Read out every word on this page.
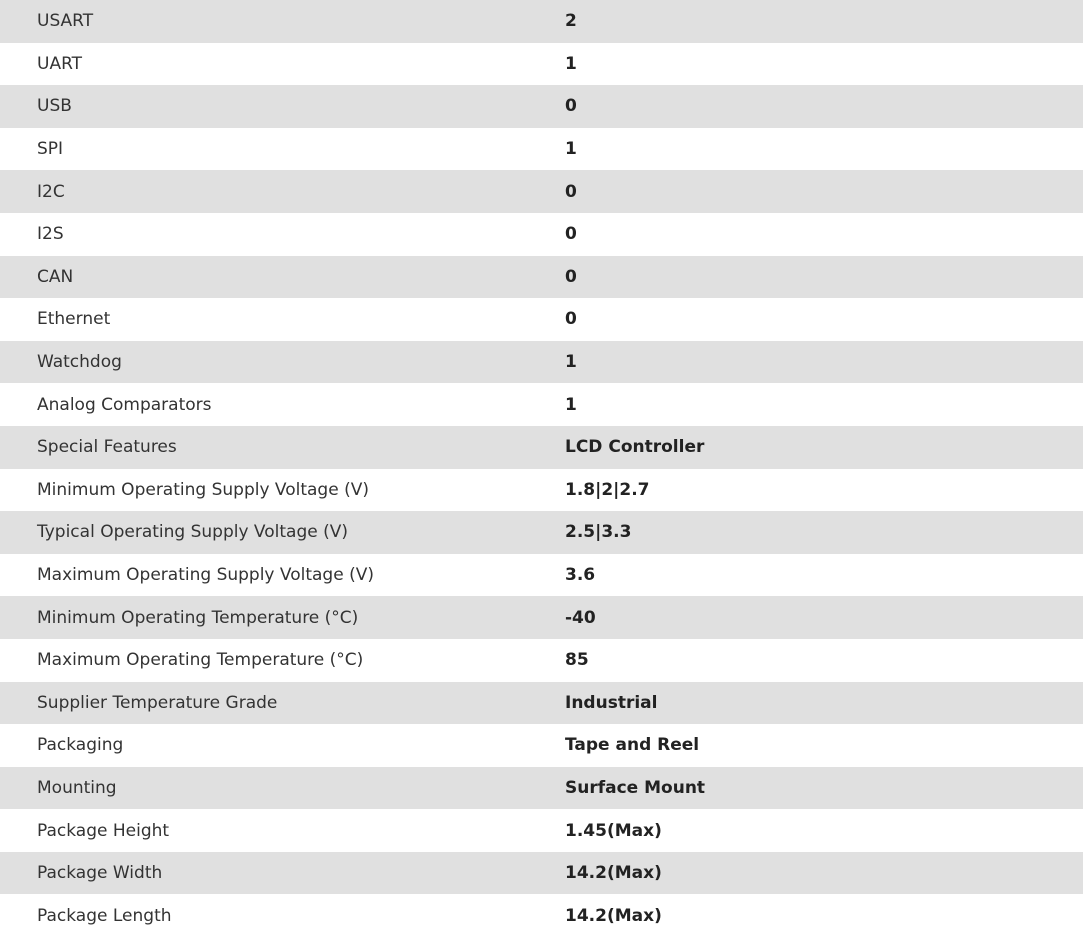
USART	2
UART	1
USB	0
SPI	1
I2C	0
I2S	0
CAN	0
Ethernet	0
Watchdog	1
Analog Comparators	1
Special Features	LCD Controller
Minimum Operating Supply Voltage (V)	1.8|2|2.7
Typical Operating Supply Voltage (V)	2.5|3.3
Maximum Operating Supply Voltage (V)	3.6
Minimum Operating Temperature (°C)	-40
Maximum Operating Temperature (°C)	85
Supplier Temperature Grade	Industrial
Packaging	Tape and Reel
Mounting	Surface Mount
Package Height	1.45(Max)
Package Width	14.2(Max)
Package Length	14.2(Max)
